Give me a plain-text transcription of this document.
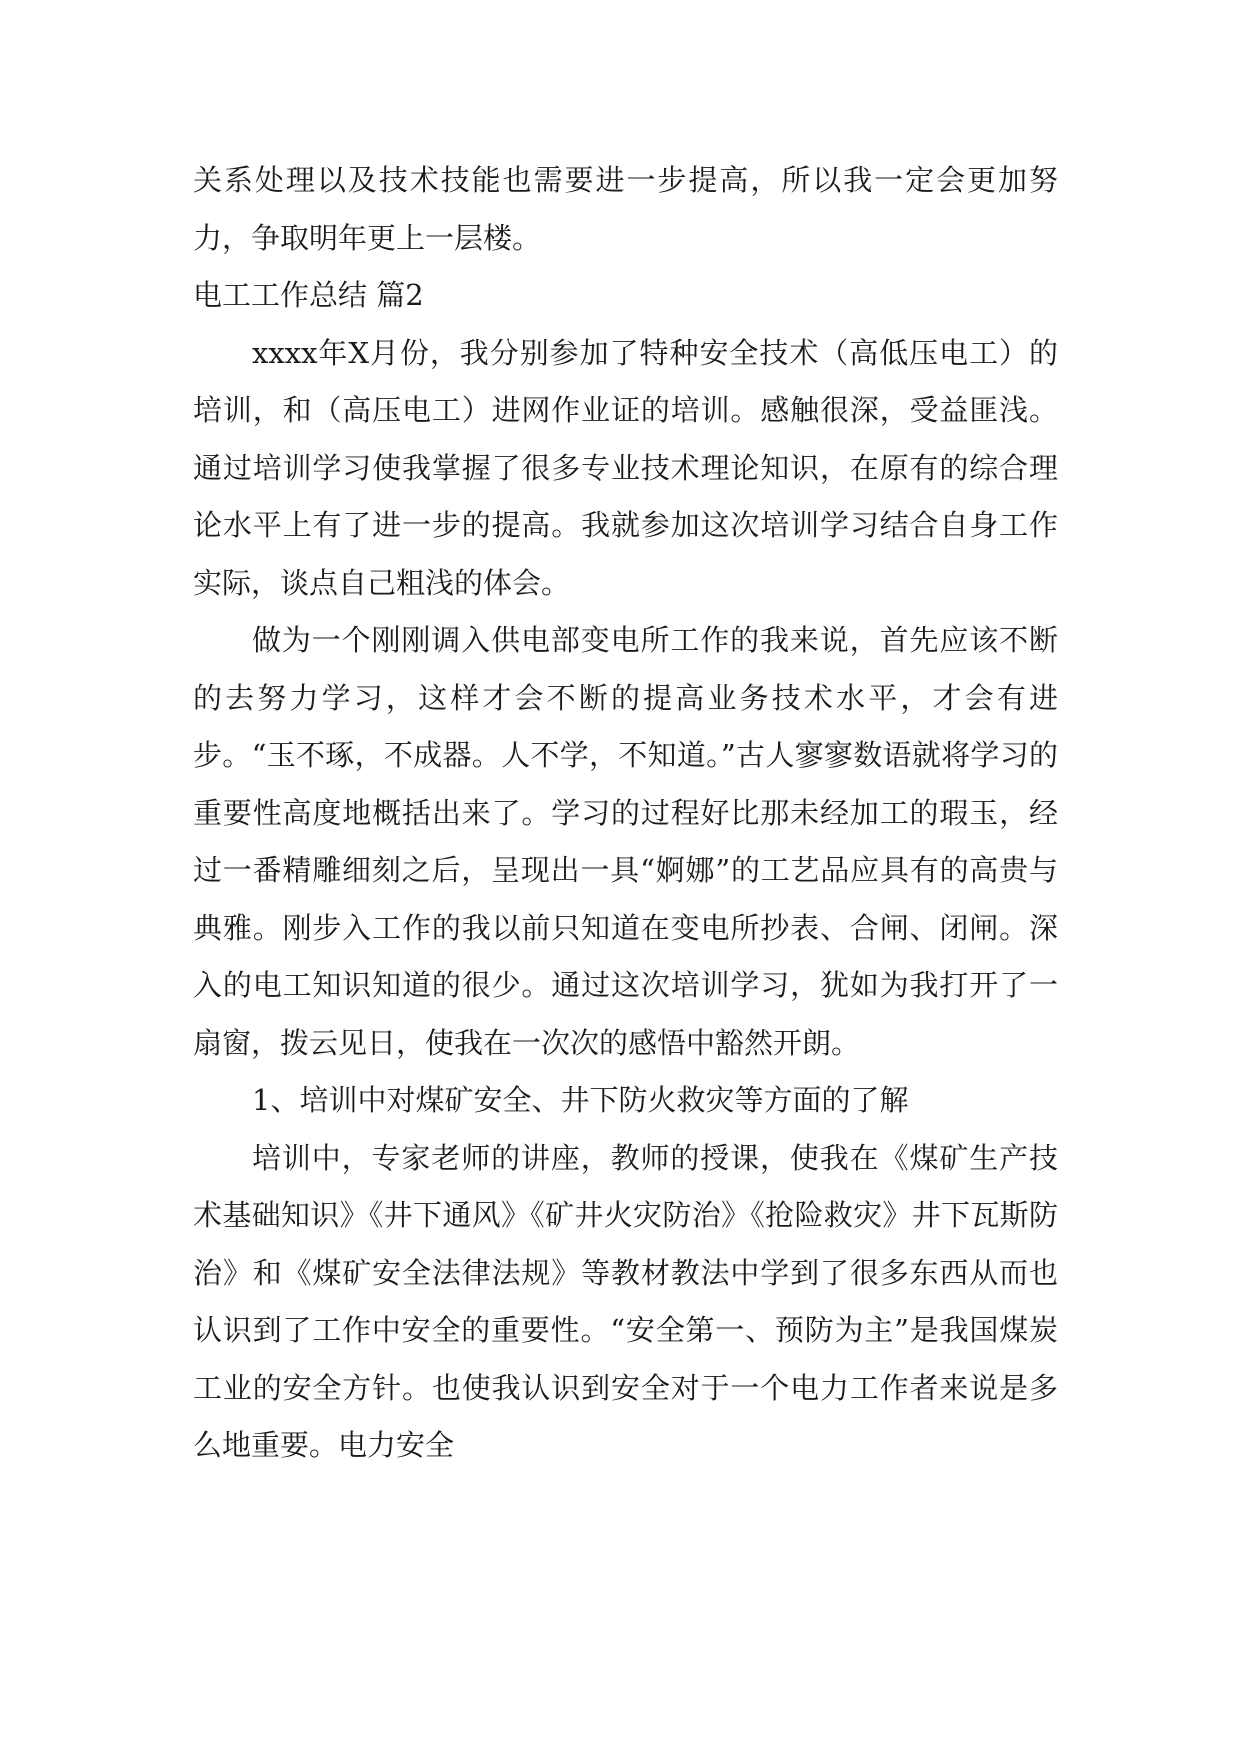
关系处理以及技术技能也需要进一步提高，所以我一定会更加努力，争取明年更上一层楼。

电工工作总结 篇2

xxxx年X月份，我分别参加了特种安全技术（高低压电工）的培训，和（高压电工）进网作业证的培训。感触很深，受益匪浅。通过培训学习使我掌握了很多专业技术理论知识，在原有的综合理论水平上有了进一步的提高。我就参加这次培训学习结合自身工作实际，谈点自己粗浅的体会。

做为一个刚刚调入供电部变电所工作的我来说，首先应该不断的去努力学习，这样才会不断的提高业务技术水平，才会有进步。“玉不琢，不成器。人不学，不知道。”古人寥寥数语就将学习的重要性高度地概括出来了。学习的过程好比那未经加工的瑕玉，经过一番精雕细刻之后，呈现出一具“婀娜”的工艺品应具有的高贵与典雅。刚步入工作的我以前只知道在变电所抄表、合闸、闭闸。深入的电工知识知道的很少。通过这次培训学习，犹如为我打开了一扇窗，拨云见日，使我在一次次的感悟中豁然开朗。

1、培训中对煤矿安全、井下防火救灾等方面的了解

培训中，专家老师的讲座，教师的授课，使我在《煤矿生产技术基础知识》《井下通风》《矿井火灾防治》《抢险救灾》井下瓦斯防治》和《煤矿安全法律法规》等教材教法中学到了很多东西从而也认识到了工作中安全的重要性。“安全第一、预防为主”是我国煤炭工业的安全方针。也使我认识到安全对于一个电力工作者来说是多么地重要。电力安全
